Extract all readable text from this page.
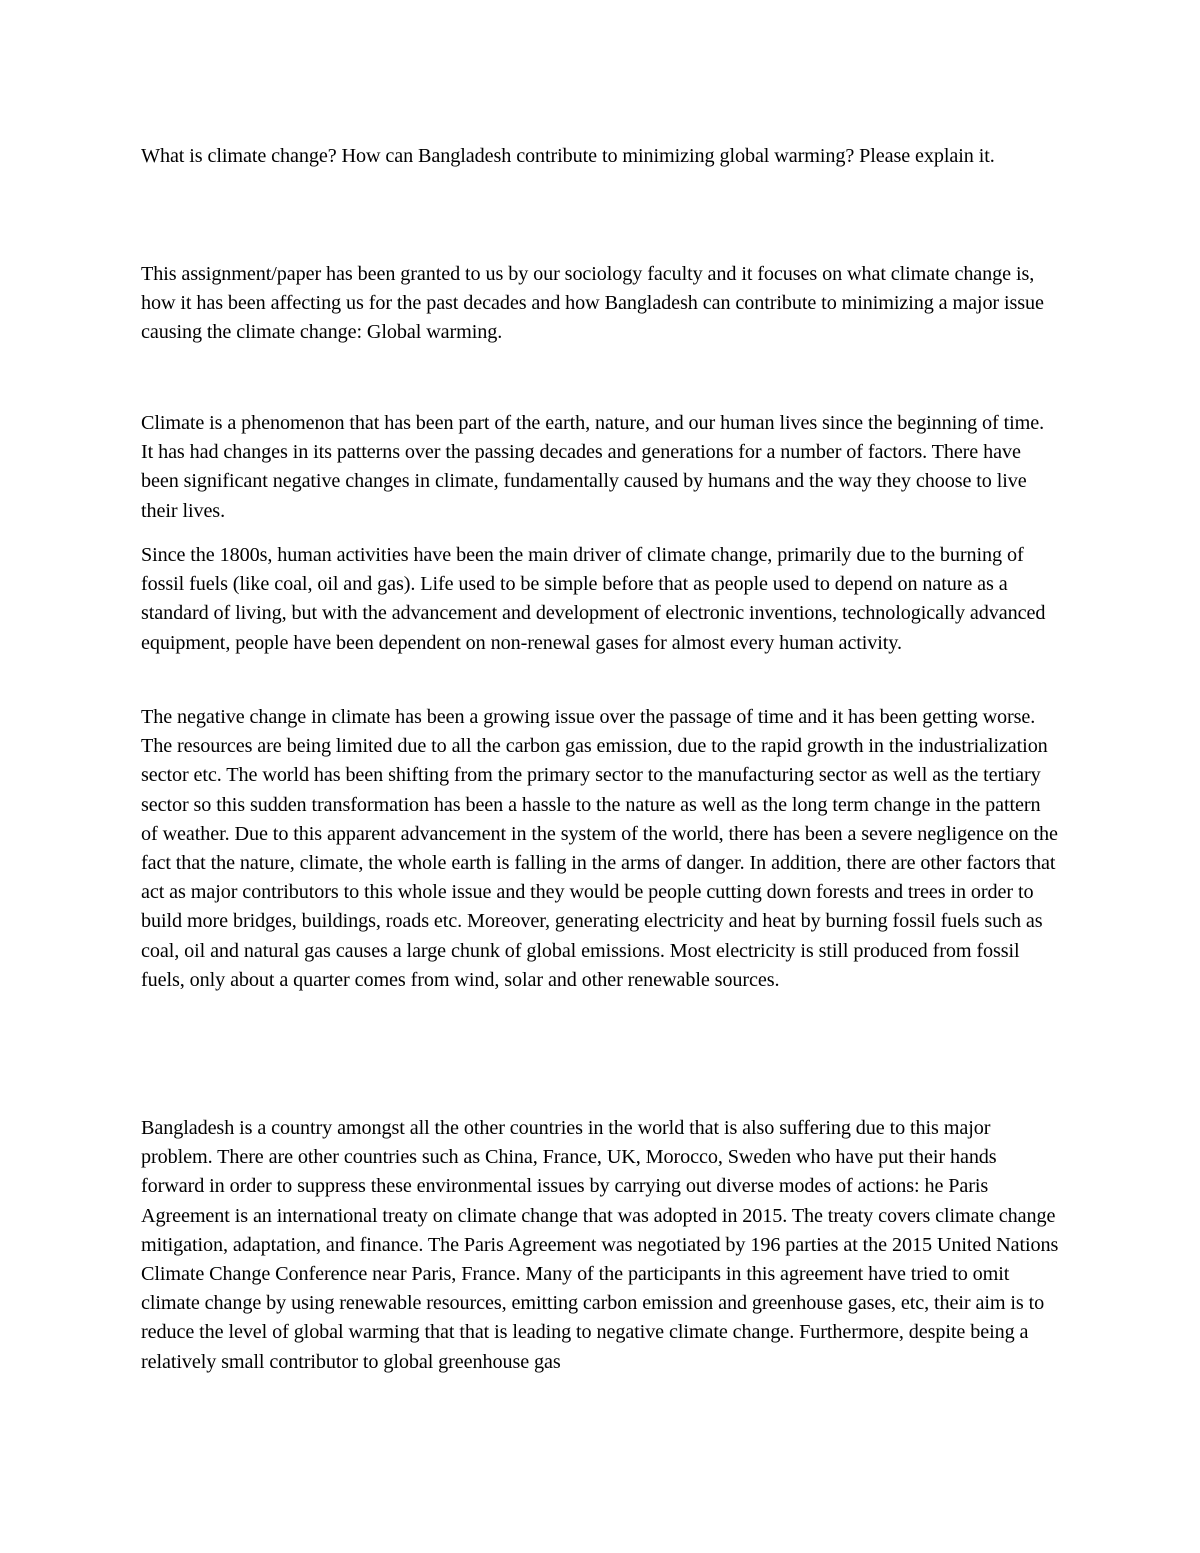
What is climate change? How can Bangladesh contribute to minimizing global warming? Please explain it.

This assignment/paper has been granted to us by our sociology faculty and it focuses on what climate change is, how it has been affecting us for the past decades and how Bangladesh can contribute to minimizing a major issue causing the climate change: Global warming.

Climate is a phenomenon that has been part of the earth, nature, and our human lives since the beginning of time. It has had changes in its patterns over the passing decades and generations for a number of factors. There have been significant negative changes in climate, fundamentally caused by humans and the way they choose to live their lives.

Since the 1800s, human activities have been the main driver of climate change, primarily due to the burning of fossil fuels (like coal, oil and gas). Life used to be simple before that as people used to depend on nature as a standard of living, but with the advancement and development of electronic inventions, technologically advanced equipment, people have been dependent on non-renewal gases for almost every human activity.

The negative change in climate has been a growing issue over the passage of time and it has been getting worse. The resources are being limited due to all the carbon gas emission, due to the rapid growth in the industrialization sector etc. The world has been shifting from the primary sector to the manufacturing sector as well as the tertiary sector so this sudden transformation has been a hassle to the nature as well as the long term change in the pattern of weather. Due to this apparent advancement in the system of the world, there has been a severe negligence on the fact that the nature, climate, the whole earth is falling in the arms of danger. In addition, there are other factors that act as major contributors to this whole issue and they would be people cutting down forests and trees in order to build more bridges, buildings, roads etc. Moreover, generating electricity and heat by burning fossil fuels such as coal, oil and natural gas causes a large chunk of global emissions. Most electricity is still produced from fossil fuels, only about a quarter comes from wind, solar and other renewable sources.

Bangladesh is a country amongst all the other countries in the world that is also suffering due to this major problem. There are other countries such as China, France, UK, Morocco, Sweden who have put their hands forward in order to suppress these environmental issues by carrying out diverse modes of actions: he Paris Agreement is an international treaty on climate change that was adopted in 2015. The treaty covers climate change mitigation, adaptation, and finance. The Paris Agreement was negotiated by 196 parties at the 2015 United Nations Climate Change Conference near Paris, France. Many of the participants in this agreement have tried to omit climate change by using renewable resources, emitting carbon emission and greenhouse gases, etc, their aim is to reduce the level of global warming that that is leading to negative climate change. Furthermore, despite being a relatively small contributor to global greenhouse gas
